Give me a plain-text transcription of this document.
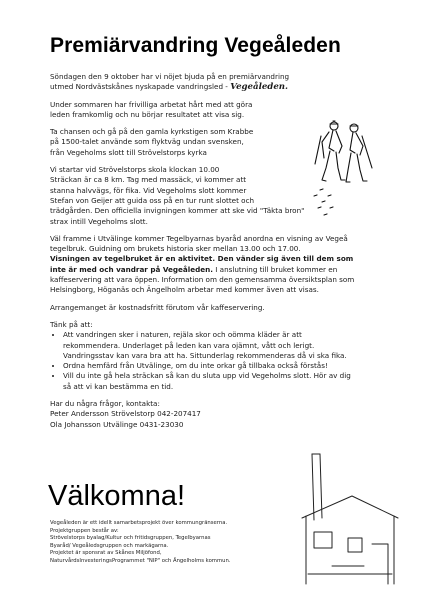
Premiärvandring Vegeåleden

Söndagen den 9 oktober har vi nöjet bjuda på en premiärvandring
utmed Nordvästskånes nyskapade vandringsled - Vegeåleden.

Under sommaren har frivilliga arbetat hårt med att göra
leden framkomlig och nu börjar resultatet att visa sig.

Ta chansen och gå på den gamla kyrkstigen som Krabbe
på 1500-talet använde som flyktväg undan svensken,
från Vegeholms slott till Strövelstorps kyrka

Vi startar vid Strövelstorps skola klockan 10.00
Sträckan är ca 8 km. Tag med massäck, vi kommer att
stanna halvvägs, för fika. Vid Vegeholms slott kommer
Stefan von Geijer att guida oss på en tur runt slottet och
trädgården. Den officiella invigningen kommer att ske vid "Täkta bron"
strax intill Vegeholms slott.

Väl framme i Utvälinge kommer Tegelbyarnas byaråd anordna en visning av Vegeå
tegelbruk. Guidning om brukets historia sker mellan 13.00 och 17.00.
Visningen av tegelbruket är en aktivitet. Den vänder sig även till dem som
inte är med och vandrar på Vegeåleden. I anslutning till bruket kommer en
kaffeservering att vara öppen. Information om den gemensamma översiktsplan som
Helsingborg, Höganäs och Ängelholm arbetar med kommer även att visas.

Arrangemanget är kostnadsfritt förutom vår kaffeservering.

Tänk på att:
• Att vandringen sker i naturen, rejäla skor och oömma kläder är att
rekommendera. Underlaget på leden kan vara ojämnt, vått och lerigt.
Vandringsstav kan vara bra att ha. Sittunderlag rekommenderas då vi ska fika.
• Ordna hemfärd från Utvälinge, om du inte orkar gå tillbaka också förstås!
• Vill du inte gå hela sträckan så kan du sluta upp vid Vegeholms slott. Hör av dig
så att vi kan bestämma en tid.

Har du några frågor, kontakta:
Peter Andersson Strövelstorp 042-207417
Ola Johansson Utvälinge 0431-23030

Välkomna!
Vegeåleden är ett idellt samarbetsprojekt över kommungränserna.
Projektgruppen består av:
Strövelstorps byalag/Kultur och fritidsgruppen, Tegelbyarnas
Byaråd/ Vegeåledsgruppen och markägarna.
Projektet är sponsrat av Skånes Miljöfond,
NaturvårdsInvesteringsProgrammet "NIP" och Ängelholms kommun.
